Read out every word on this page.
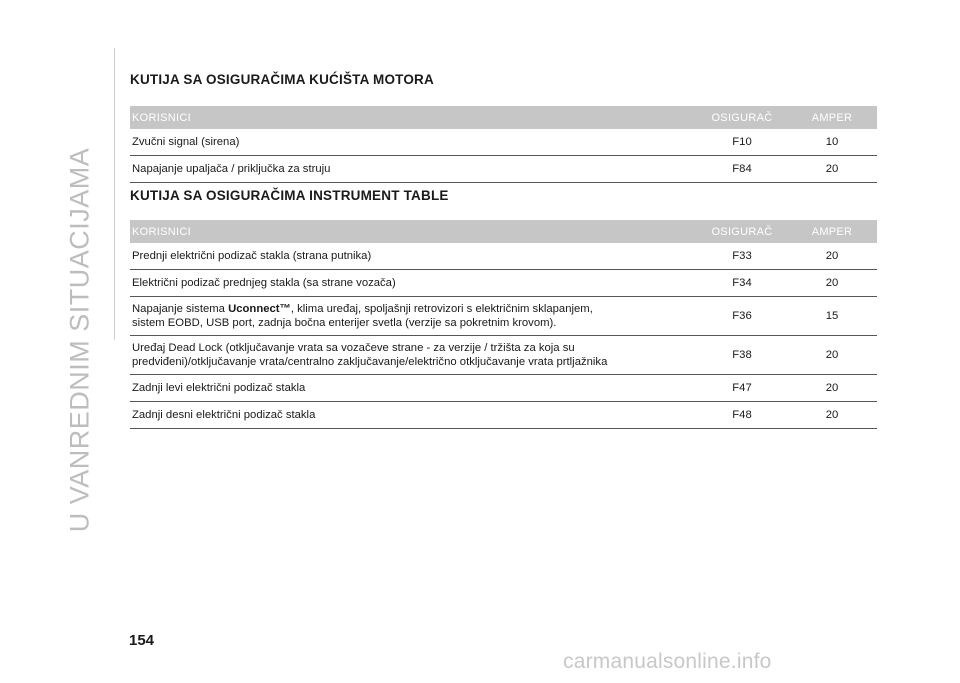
U VANREDNIM SITUACIJAMA
KUTIJA SA OSIGURAČIMA KUĆIŠTA MOTORA
KORISNICI	OSIGURAČ	AMPER
Zvučni signal (sirena)	F10	10
Napajanje upaljača / priključka za struju	F84	20
KUTIJA SA OSIGURAČIMA INSTRUMENT TABLE
KORISNICI	OSIGURAČ	AMPER
Prednji električni podizač stakla (strana putnika)	F33	20
Električni podizač prednjeg stakla (sa strane vozača)	F34	20
Napajanje sistema Uconnect™, klima uređaj, spoljašnji retrovizori s električnim sklapanjem,
sistem EOBD, USB port, zadnja bočna enterijer svetla (verzije sa pokretnim krovom).	F36	15
Uređaj Dead Lock (otključavanje vrata sa vozačeve strane - za verzije / tržišta za koja su
predviđeni)/otključavanje vrata/centralno zaključavanje/električno otključavanje vrata prtljažnika	F38	20
Zadnji levi električni podizač stakla	F47	20
Zadnji desni električni podizač stakla	F48	20
154
carmanualsonline.info
